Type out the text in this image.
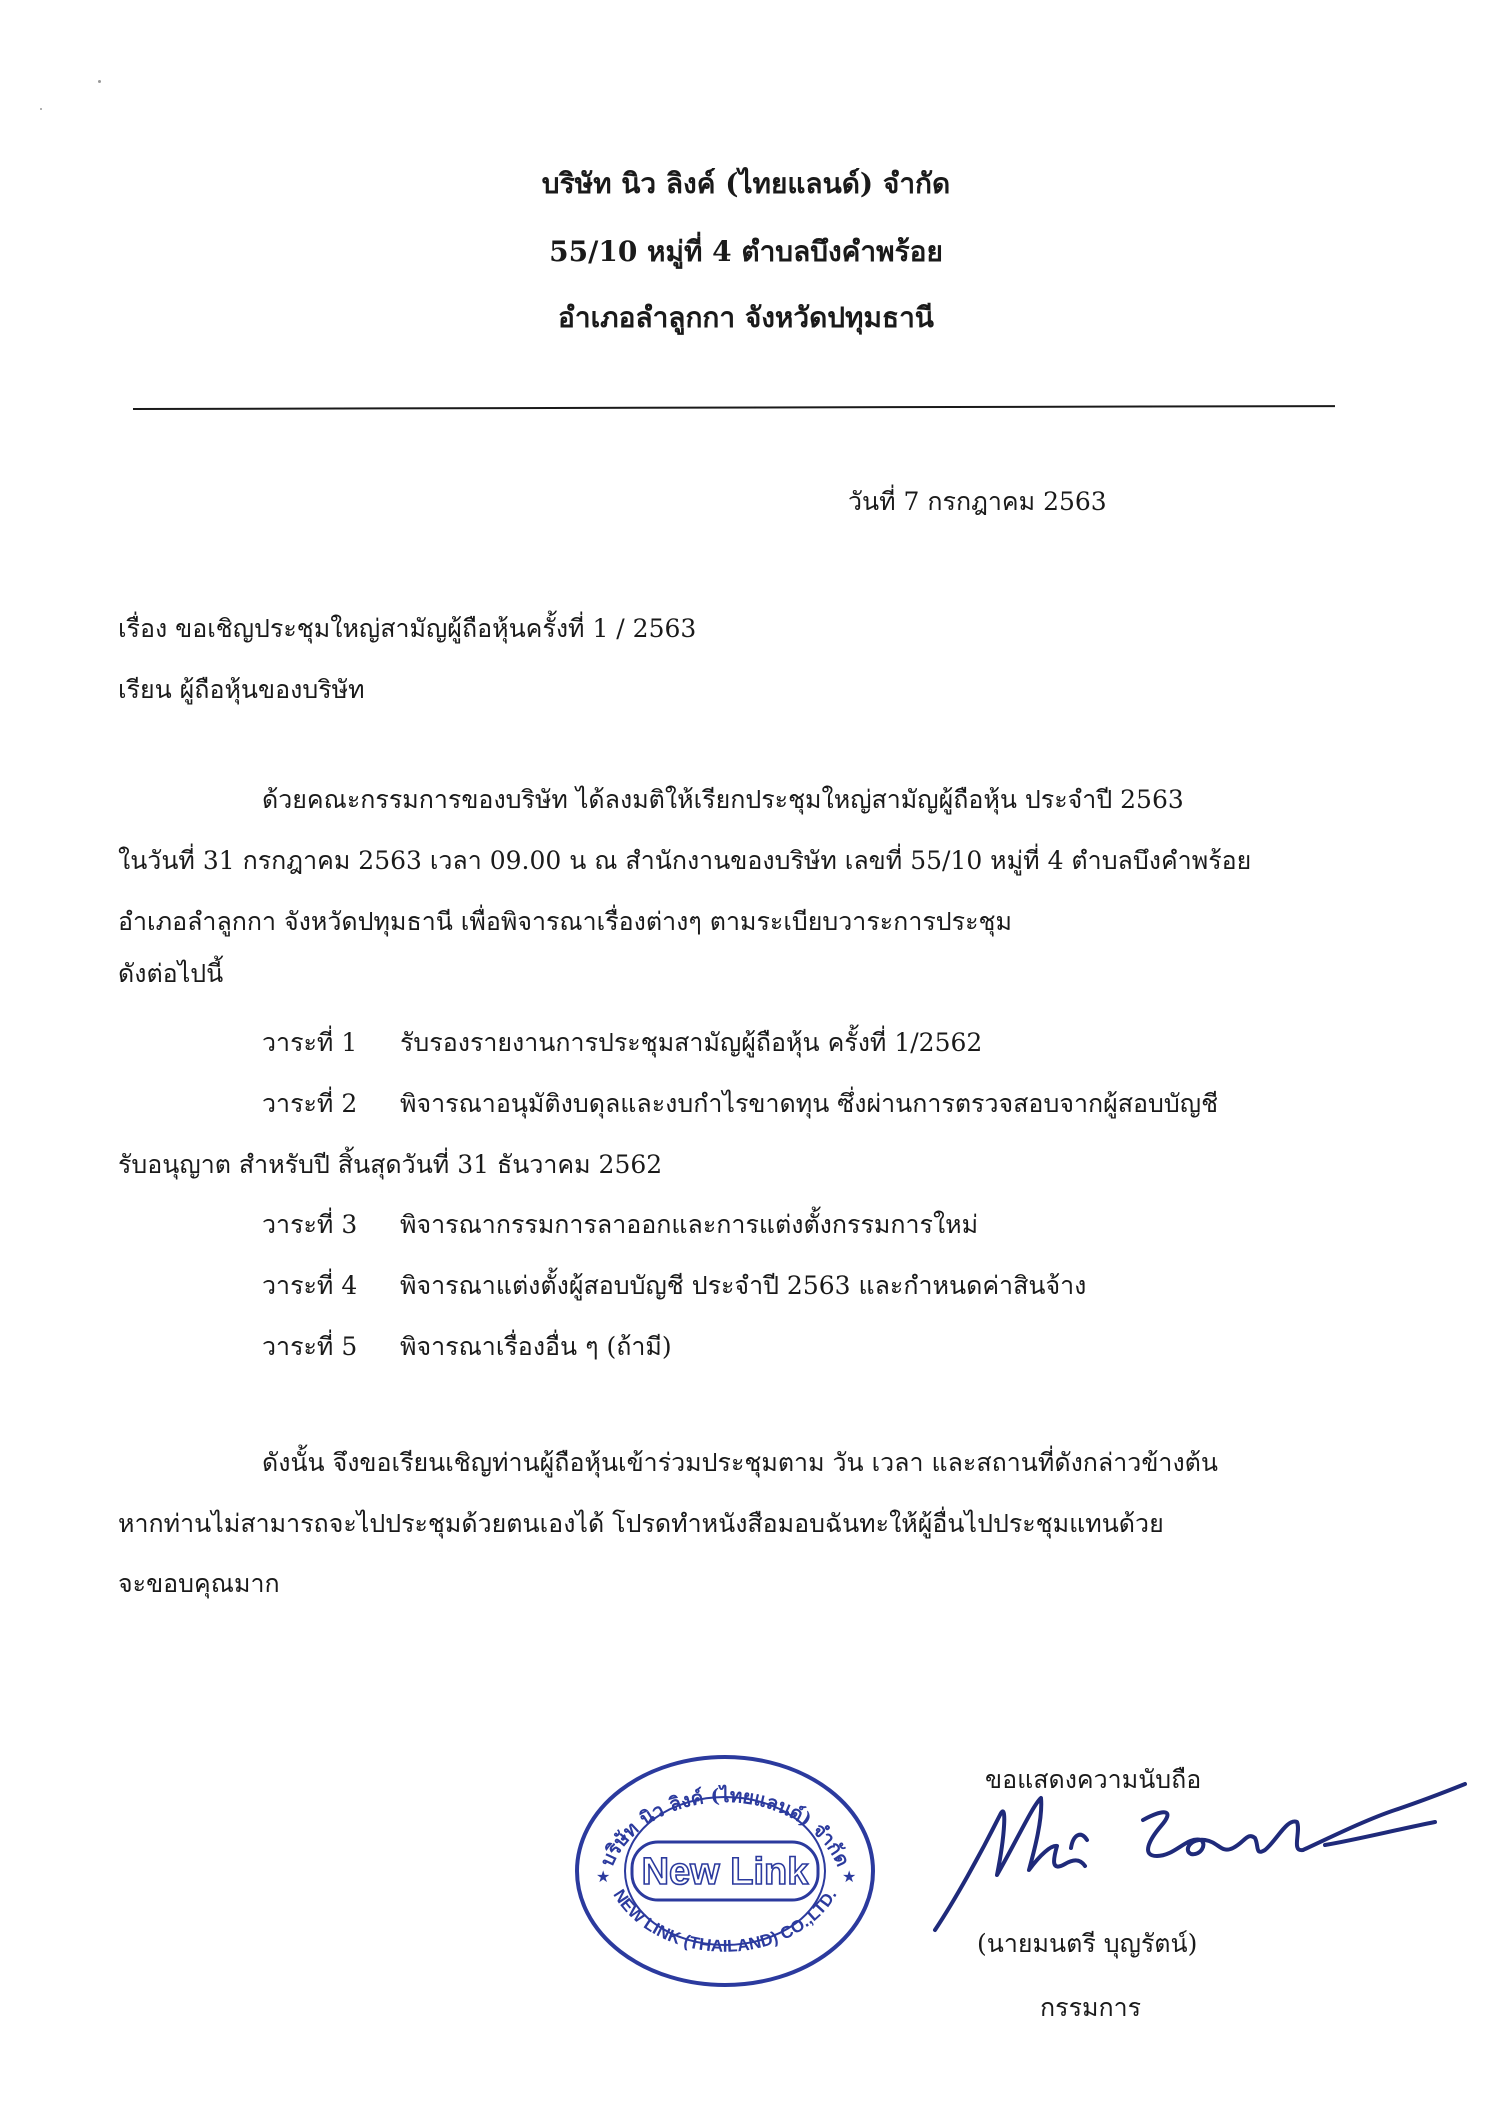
บริษัท นิว ลิงค์ (ไทยแลนด์) จำกัด
55/10 หมู่ที่ 4 ตำบลบึงคำพร้อย
อำเภอลำลูกกา จังหวัดปทุมธานี
วันที่ 7 กรกฎาคม 2563
เรื่อง ขอเชิญประชุมใหญ่สามัญผู้ถือหุ้นครั้งที่ 1 / 2563
เรียน ผู้ถือหุ้นของบริษัท
ด้วยคณะกรรมการของบริษัท ได้ลงมติให้เรียกประชุมใหญ่สามัญผู้ถือหุ้น ประจำปี 2563
ในวันที่ 31 กรกฎาคม 2563 เวลา 09.00 น ณ สำนักงานของบริษัท เลขที่ 55/10 หมู่ที่ 4 ตำบลบึงคำพร้อย
อำเภอลำลูกกา จังหวัดปทุมธานี เพื่อพิจารณาเรื่องต่างๆ ตามระเบียบวาระการประชุม
ดังต่อไปนี้
วาระที่ 1 รับรองรายงานการประชุมสามัญผู้ถือหุ้น ครั้งที่ 1/2562
วาระที่ 2 พิจารณาอนุมัติงบดุลและงบกำไรขาดทุน ซึ่งผ่านการตรวจสอบจากผู้สอบบัญชี
รับอนุญาต สำหรับปี สิ้นสุดวันที่ 31 ธันวาคม 2562
วาระที่ 3 พิจารณากรรมการลาออกและการแต่งตั้งกรรมการใหม่
วาระที่ 4 พิจารณาแต่งตั้งผู้สอบบัญชี ประจำปี 2563 และกำหนดค่าสินจ้าง
วาระที่ 5 พิจารณาเรื่องอื่น ๆ (ถ้ามี)
ดังนั้น จึงขอเรียนเชิญท่านผู้ถือหุ้นเข้าร่วมประชุมตาม วัน เวลา และสถานที่ดังกล่าวข้างต้น
หากท่านไม่สามารถจะไปประชุมด้วยตนเองได้ โปรดทำหนังสือมอบฉันทะให้ผู้อื่นไปประชุมแทนด้วย
จะขอบคุณมาก
ขอแสดงความนับถือ
บริษัท นิว ลิงค์ (ไทยแลนด์) จำกัด
New Link
NEW LINK (THAILAND) CO.,LTD.
★	★
(นายมนตรี บุญรัตน์)
กรรมการ
